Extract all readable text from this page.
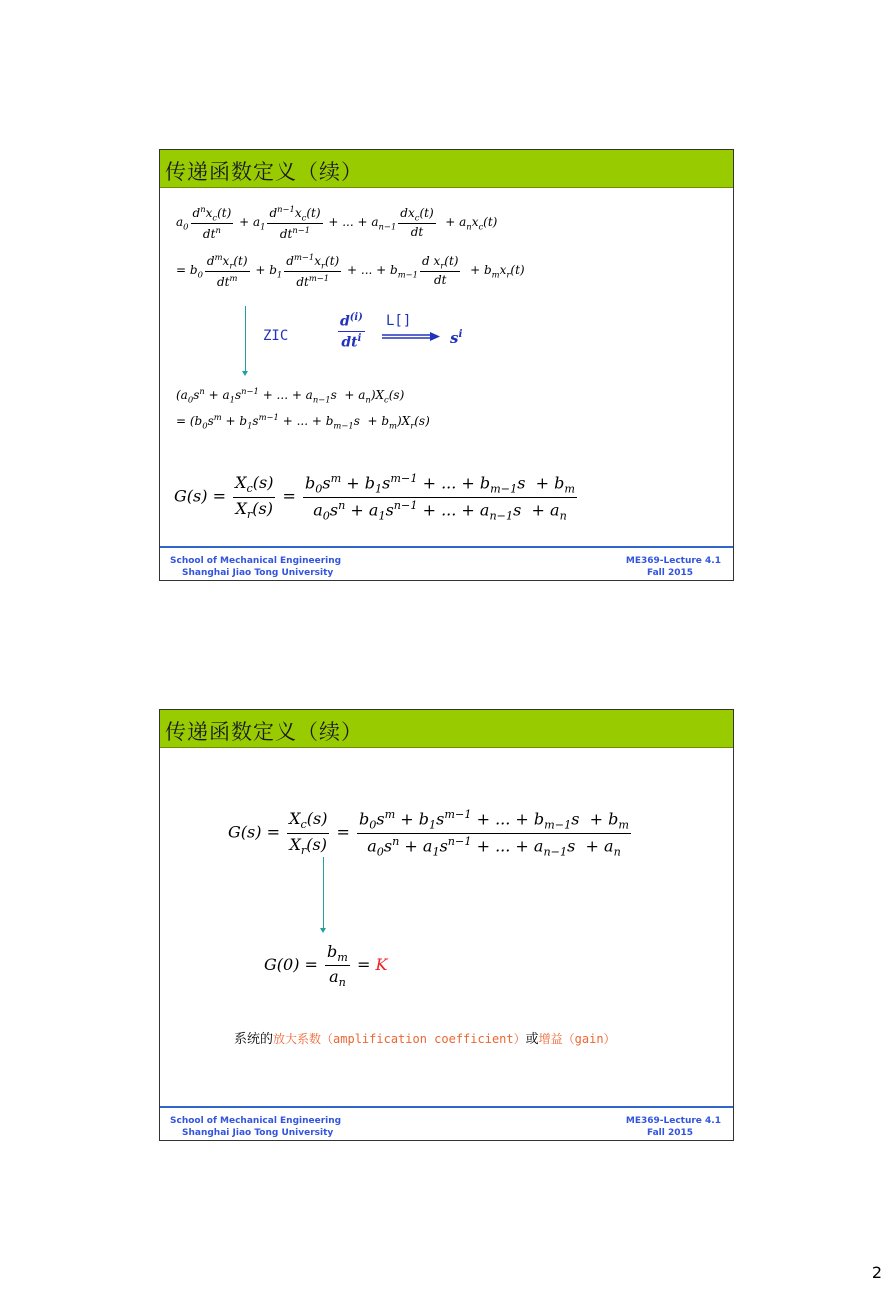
传递函数定义（续）
$a_0 \frac{d^nx_c(t)}{dt^n} + a_1 \frac{d^{n-1}x_c(t)}{dt^{n-1}}$ + ... + $a_{n-1} \frac{dx_c(t)}{dt} + a_nx_c(t)$
= $b_0 \frac{d^mx_r(t)}{dt^m} + b_1 \frac{d^{m-1}x_r(t)}{dt^{m-1}}$ + ... + $b_{m-1} \frac{d x_r(t)}{dt} + b_mx_r(t)$
ZIC	$\frac{d^{(i)}}{dt^i} L[]$
$s^i$
($a_0s^n + a_1s^{n-1}$ + ... + $a_{n-1}s + a_n)X_c(s)$
= ($b_0s^m + b_1s^{m-1}$ + ... + $b_{m-1}s + b_m)X_r(s)$
$G(s) = \frac{X_c(s)}{X_r(s)} = \frac{b_0s^m + b_1s^{m-1} + ... + b_{m-1}s + b_m}{a_0s^n + a_1s^{n-1} + ... + a_{n-1}s + a_n}$
School of Mechanical Engineering
Shanghai Jiao Tong University
ME369-Lecture 4.1
Fall 2015
传递函数定义（续）
$G(s) = \frac{X_c(s)}{X_r(s)} = \frac{b_0s^m + b_1s^{m-1} + ... + b_{m-1}s + b_m}{a_0s^n + a_1s^{n-1} + ... + a_{n-1}s + a_n}$
$G(0) = \frac{b_m}{a_n} = K$
系统的放大系数（amplification coefficient）或增益（gain）
School of Mechanical Engineering
Shanghai Jiao Tong University
ME369-Lecture 4.1
Fall 2015
2
